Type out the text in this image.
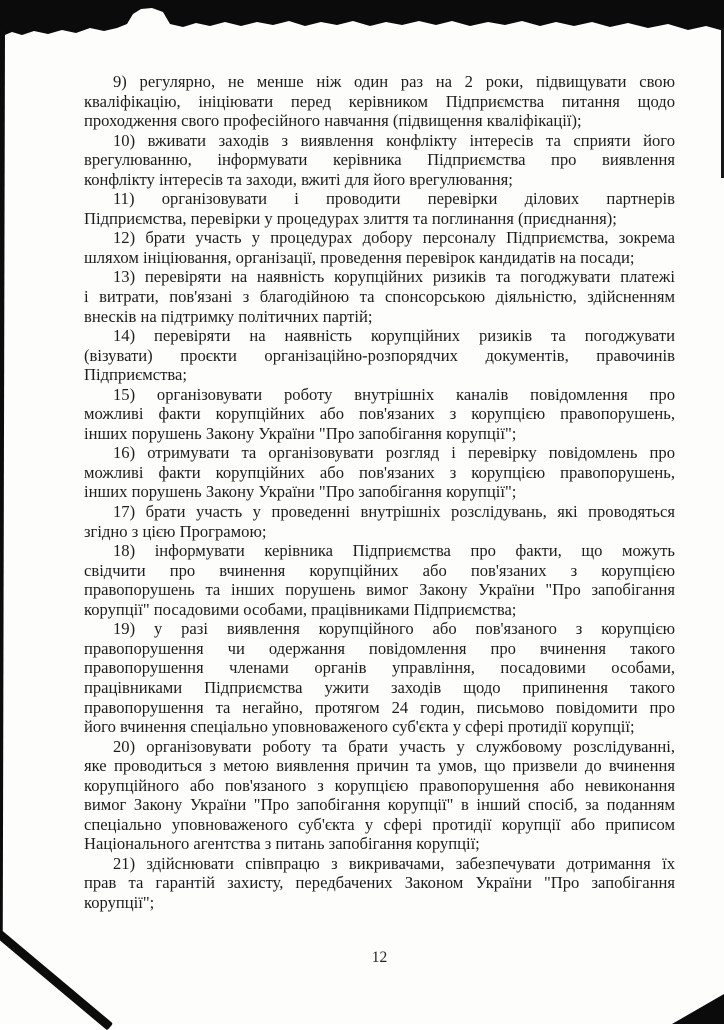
9) регулярно, не менше ніж один раз на 2 роки, підвищувати свою
кваліфікацію, ініціювати перед керівником Підприємства питання щодо
проходження свого професійного навчання (підвищення кваліфікації);
10) вживати заходів з виявлення конфлікту інтересів та сприяти його
врегулюванню, інформувати керівника Підприємства про виявлення
конфлікту інтересів та заходи, вжиті для його врегулювання;
11) організовувати і проводити перевірки ділових партнерів
Підприємства, перевірки у процедурах злиття та поглинання (приєднання);
12) брати участь у процедурах добору персоналу Підприємства, зокрема
шляхом ініціювання, організації, проведення перевірок кандидатів на посади;
13) перевіряти на наявність корупційних ризиків та погоджувати платежі
і витрати, пов'язані з благодійною та спонсорською діяльністю, здійсненням
внесків на підтримку політичних партій;
14) перевіряти на наявність корупційних ризиків та погоджувати
(візувати) проєкти організаційно-розпорядчих документів, правочинів
Підприємства;
15) організовувати роботу внутрішніх каналів повідомлення про
можливі факти корупційних або пов'язаних з корупцією правопорушень,
інших порушень Закону України "Про запобігання корупції";
16) отримувати та організовувати розгляд і перевірку повідомлень про
можливі факти корупційних або пов'язаних з корупцією правопорушень,
інших порушень Закону України "Про запобігання корупції";
17) брати участь у проведенні внутрішніх розслідувань, які проводяться
згідно з цією Програмою;
18) інформувати керівника Підприємства про факти, що можуть
свідчити про вчинення корупційних або пов'язаних з корупцією
правопорушень та інших порушень вимог Закону України "Про запобігання
корупції" посадовими особами, працівниками Підприємства;
19) у разі виявлення корупційного або пов'язаного з корупцією
правопорушення чи одержання повідомлення про вчинення такого
правопорушення членами органів управління, посадовими особами,
працівниками Підприємства ужити заходів щодо припинення такого
правопорушення та негайно, протягом 24 годин, письмово повідомити про
його вчинення спеціально уповноваженого суб'єкта у сфері протидії корупції;
20) організовувати роботу та брати участь у службовому розслідуванні,
яке проводиться з метою виявлення причин та умов, що призвели до вчинення
корупційного або пов'язаного з корупцією правопорушення або невиконання
вимог Закону України "Про запобігання корупції" в інший спосіб, за поданням
спеціально уповноваженого суб'єкта у сфері протидії корупції або приписом
Національного агентства з питань запобігання корупції;
21) здійснювати співпрацю з викривачами, забезпечувати дотримання їх
прав та гарантій захисту, передбачених Законом України "Про запобігання
корупції";
12
